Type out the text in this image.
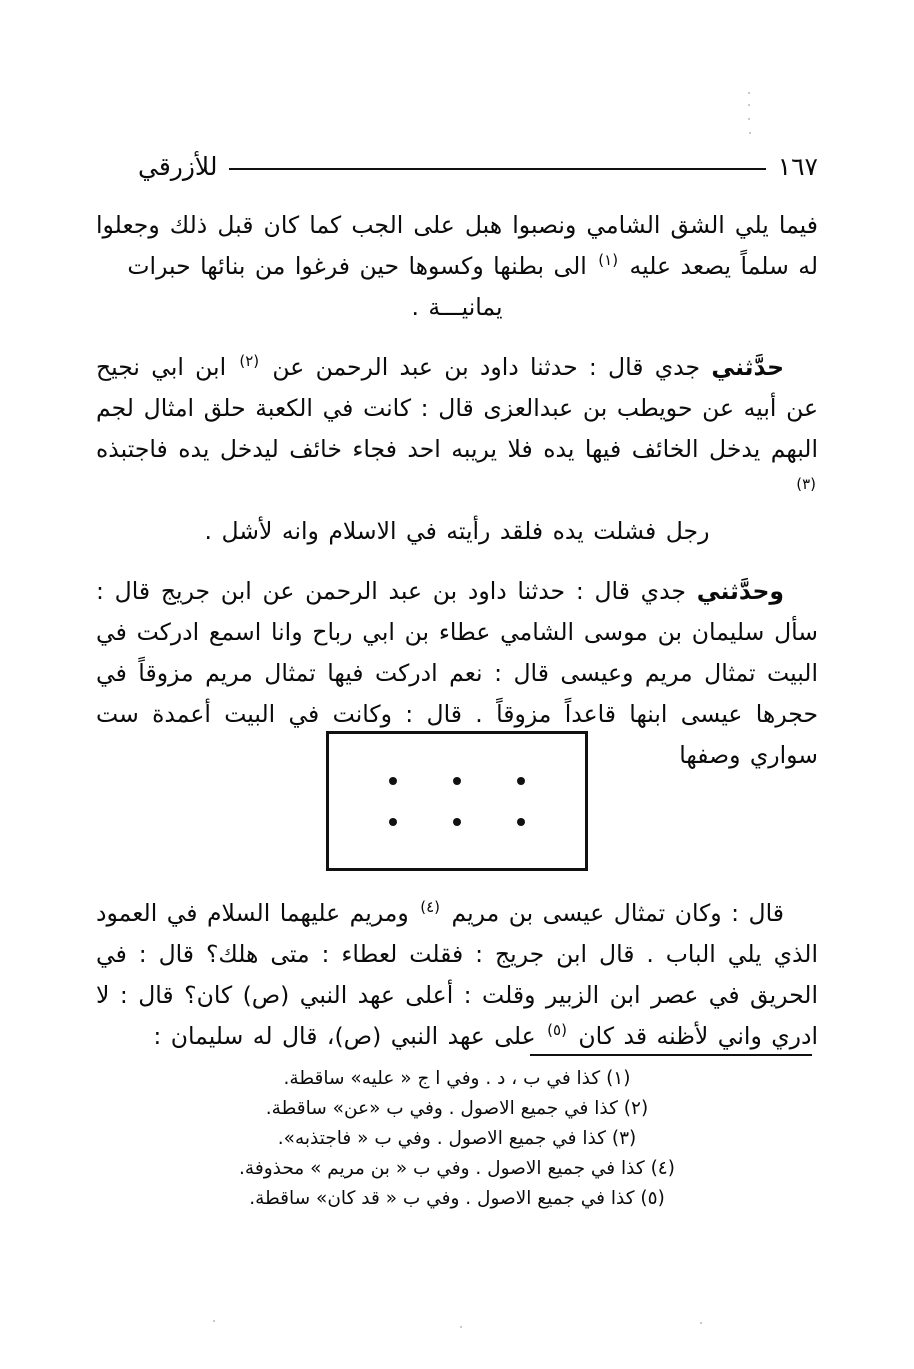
١٦٧
للأزرقي

فيما يلي الشق الشامي ونصبوا هبل على الجب كما كان قبل ذلك وجعلوا له سلماً يصعد عليه $^{(١)}$ الى بطنها وكسوها حين فرغوا من بنائها حبرات
يمانيـــة .

حدَّثني جدي قال : حدثنا داود بن عبد الرحمن عن $^{(٢)}$ ابن ابي نجيح عن أبيه عن حويطب بن عبدالعزى قال : كانت في الكعبة حلق امثال لجم البهم يدخل الخائف فيها يده فلا يريبه احد فجاء خائف ليدخل يده فاجتبذه $^{(٣)}$
رجل فشلت يده فلقد رأيته في الاسلام وانه لأشل .

وحدَّثني جدي قال : حدثنا داود بن عبد الرحمن عن ابن جريج قال : سأل سليمان بن موسى الشامي عطاء بن ابي رباح وانا اسمع ادركت في البيت تمثال مريم وعيسى قال : نعم ادركت فيها تمثال مريم مزوقاً في حجرها عيسى ابنها قاعداً مزوقاً . قال : وكانت في البيت أعمدة ست سواري وصفها

قال : وكان تمثال عيسى بن مريم $^{(٤)}$ ومريم عليهما السلام في العمود الذي يلي الباب . قال ابن جريج : فقلت لعطاء : متى هلك؟ قال : في الحريق في عصر ابن الزبير وقلت : أعلى عهد النبي (ص) كان؟ قال : لا ادري واني لأظنه قد كان $^{(٥)}$ على عهد النبي (ص)، قال له سليمان :

(١) كذا في ب ، د . وفي ا ج « عليه» ساقطة.

(٢) كذا في جميع الاصول . وفي ب «عن» ساقطة.

(٣) كذا في جميع الاصول . وفي ب « فاجتذبه».

(٤) كذا في جميع الاصول . وفي ب « بن مريم » محذوفة.

(٥) كذا في جميع الاصول . وفي ب « قد كان» ساقطة.
